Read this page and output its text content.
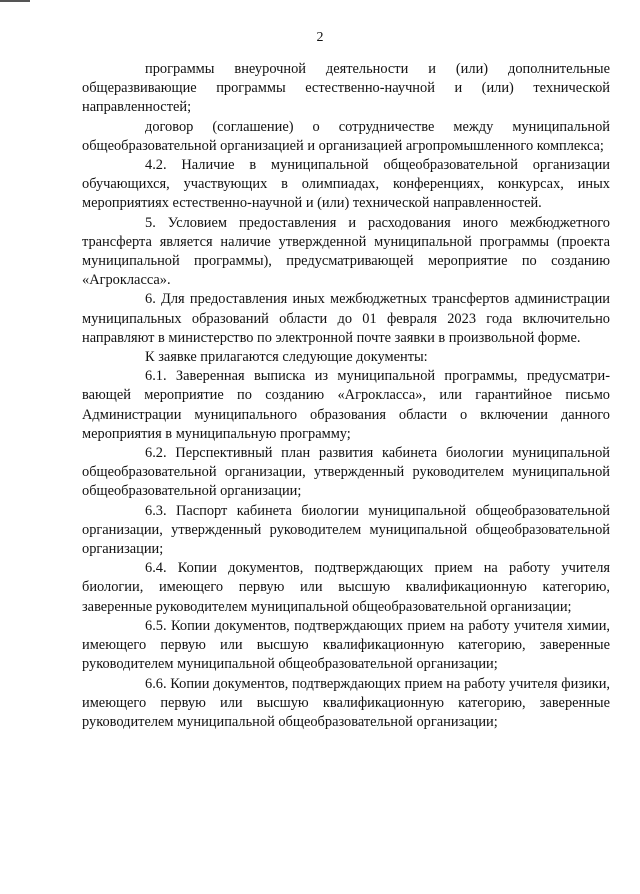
2

программы внеурочной деятельности и (или) дополнительные общеразвивающие программы естественно-научной и (или) технической направленностей;

договор (соглашение) о сотрудничестве между муниципальной общеобразовательной организацией и организацией агропромышленного комплекса;

4.2. Наличие в муниципальной общеобразовательной организации обучающихся, участвующих в олимпиадах, конференциях, конкурсах, иных мероприятиях естественно-научной и (или) технической направленностей.

5. Условием предоставления и расходования иного межбюджетного трансферта является наличие утвержденной муниципальной программы (проекта муниципальной программы), предусматривающей мероприятие по созданию «Агрокласса».

6. Для предоставления иных межбюджетных трансфертов администрации муниципальных образований области до 01 февраля 2023 года включительно направляют в министерство по электронной почте заявки в произвольной форме.

К заявке прилагаются следующие документы:

6.1. Заверенная выписка из муниципальной программы, предусматривающей мероприятие по созданию «Агрокласса», или гарантийное письмо Администрации муниципального образования области о включении данного мероприятия в муниципальную программу;

6.2. Перспективный план развития кабинета биологии муниципальной общеобразовательной организации, утвержденный руководителем муниципальной общеобразовательной организации;

6.3. Паспорт кабинета биологии муниципальной общеобразовательной организации, утвержденный руководителем муниципальной общеобразовательной организации;

6.4. Копии документов, подтверждающих прием на работу учителя биологии, имеющего первую или высшую квалификационную категорию, заверенные руководителем муниципальной общеобразовательной организации;

6.5. Копии документов, подтверждающих прием на работу учителя химии, имеющего первую или высшую квалификационную категорию, заверенные руководителем муниципальной общеобразовательной организации;

6.6. Копии документов, подтверждающих прием на работу учителя физики, имеющего первую или высшую квалификационную категорию, заверенные руководителем муниципальной общеобразовательной организации;
